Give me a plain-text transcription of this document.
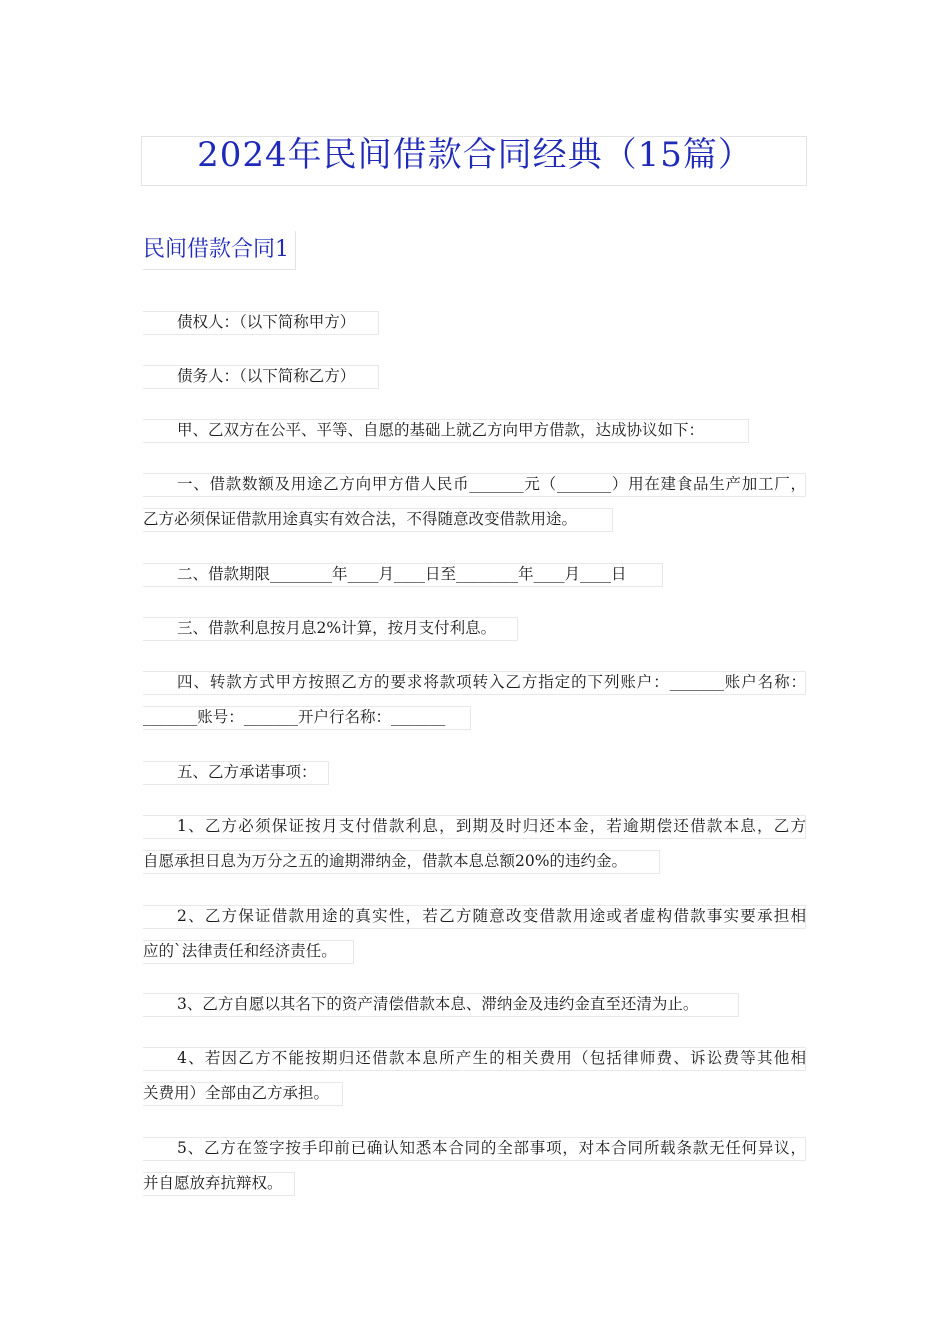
2024年民间借款合同经典（15篇）
民间借款合同1
债权人：（以下简称甲方）
债务人：（以下简称乙方）
甲、乙双方在公平、平等、自愿的基础上就乙方向甲方借款，达成协议如下：
一、借款数额及用途乙方向甲方借人民币_______元（_______）用在建食品生产加工厂，
乙方必须保证借款用途真实有效合法，不得随意改变借款用途。
二、借款期限________年____月____日至________年____月____日
三、借款利息按月息2%计算，按月支付利息。
四、转款方式甲方按照乙方的要求将款项转入乙方指定的下列账户：_______账户名称：
_______账号：_______开户行名称：_______
五、乙方承诺事项：
1、乙方必须保证按月支付借款利息，到期及时归还本金，若逾期偿还借款本息，乙方
自愿承担日息为万分之五的逾期滞纳金，借款本息总额20%的违约金。
2、乙方保证借款用途的真实性，若乙方随意改变借款用途或者虚构借款事实要承担相
应的`法律责任和经济责任。
3、乙方自愿以其名下的资产清偿借款本息、滞纳金及违约金直至还清为止。
4、若因乙方不能按期归还借款本息所产生的相关费用（包括律师费、诉讼费等其他相
关费用）全部由乙方承担。
5、乙方在签字按手印前已确认知悉本合同的全部事项，对本合同所载条款无任何异议，
并自愿放弃抗辩权。
